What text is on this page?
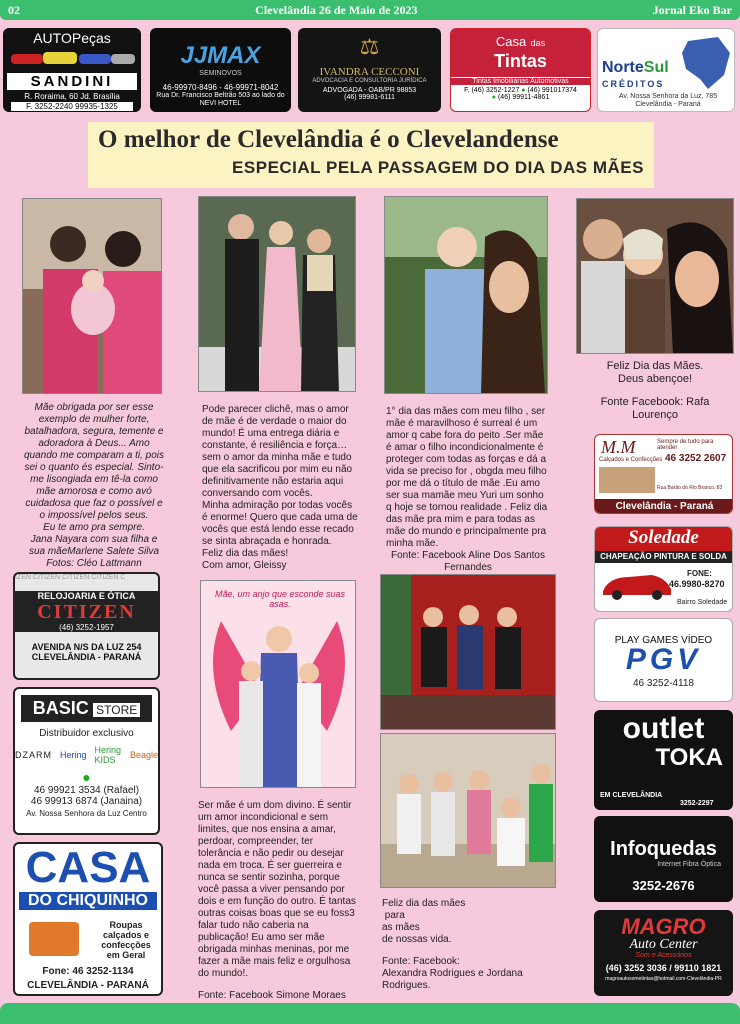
02	Clevelândia 26 de Maio de 2023	Jornal Eko Bar
AUTOPeças
SANDINI
R. Roraima, 60 Jd. Brasília
F. 3252-2240 99935-1325
JJMAX
SEMINOVOS
46-99970-8496 - 46-99971-8042
Rua Dr. Francisco Beltrão 503 ao lado do NEVI HOTEL
⚖
IVANDRA CECCONI
ADVOCACIA E CONSULTORIA JURÍDICA
ADVOGADA - OAB/PR 98853
(46) 99981-6111
Casa das
Tintas
Tintas Imobiliárias Automotivas
F. (46) 3252-1227 ● (46) 991017374
● (46) 99911-4861
NorteSul
CRÉDITOS
Av. Nossa Senhora da Luz, 785 Clevelândia - Paraná
O melhor de Clevelândia é o Clevelandense
ESPECIAL PELA PASSAGEM DO DIA DAS MÃES
Mãe obrigada por ser esse
exemplo de mulher forte,
batalhadora, segura, temente e
adoradora à Deus... Amo
quando me comparam a ti, pois
sei o quanto és especial. Sinto-
me lisongiada em tê-la como
mãe amorosa e como avó
cuidadosa que faz o possível e
o impossível pelos seus.
Eu te amo pra sempre.
Jana Nayara com sua filha e
sua mãeMarlene Salete Silva
Fotos: Cléo Lattmann
Pode parecer clichê, mas o amor
de mãe é de verdade o maior do
mundo! É uma entrega diária e
constante, é resiliência e força…
sem o amor da minha mãe e tudo
que ela sacrificou por mim eu não
definitivamente não estaria aqui
conversando com vocês.
Minha admiração por todas vocês
é enorme! Quero que cada uma de
vocês que está lendo esse recado
se sinta abraçada e honrada.
Feliz dia das mães!
Com amor, Gleissy
1° dia das mães com meu filho , ser
mãe é maravilhoso é surreal é um
amor q cabe fora do peito .Ser mãe
é amar o filho incondicionalmente é
proteger com todas as forças e dá a
vida se preciso for , obgda meu filho
por me dá o título de mãe .Eu amo
ser sua mamãe meu Yuri um sonho
q hoje se tornou realidade . Feliz dia
das mãe pra mim e para todas as
mãe do mundo e principalmente pra
minha mãe.
Fonte: Facebook Aline Dos Santos
Fernandes
Feliz Dia das Mães.
Deus abençoe!
Fonte Facebook: Rafa
Lourenço
M.M
Calçados e Confecções
Sempre de tudo para atender
46 3252 2607
Rua Barão do Rio Branco, 83
Clevelândia - Paraná
Soledade
CHAPEAÇÃO PINTURA E SOLDA
FONE:
46.9980-8270
Bairro Soledade
PLAY GAMES VÍDEO
PGV
46 3252-4118
outlet
TOKA
EM CLEVELÂNDIA
3252-2297
Infoquedas
Internet Fibra Óptica
3252-2676
MAGRO
Auto Center
Som e Acessórios
(46) 3252 3036 / 99110 1821
magroautosometintas@hotmail.com-Clevelândia-PR
IZEN CITIZEN CITIZEN CITIZEN C
RELOJOARIA E ÓTICA
CITIZEN
(46) 3252-1957
AVENIDA N/S DA LUZ 254
CLEVELÂNDIA - PARANÁ
BASIC STORE
Distribuidor exclusivo
DZARM Hering Hering KIDS	Beagle
●
46 99921 3534 (Rafael)
46 99913 6874 (Janaina)
Av. Nossa Senhora da Luz Centro
CASA
DO CHIQUINHO
Roupas
calçados e
confecções
em Geral
Fone: 46 3252-1134
CLEVELÂNDIA - PARANÁ
Mãe, um anjo que esconde suas asas.
Ser mãe é um dom divino. É sentir
um amor incondicional e sem
limites, que nos ensina a amar,
perdoar, compreender, ter
tolerância e não pedir ou desejar
nada em troca. É ser guerreira e
nunca se sentir sozinha, porque
você passa a viver pensando por
dois e em função do outro. É tantas
outras coisas boas que se eu foss3
falar tudo não caberia na
publicação! Eu amo ser mãe
obrigada minhas meninas, por me
fazer a mãe mais feliz e orgulhosa
do mundo!.
Fonte: Facebook Simone Moraes
Feliz dia das mães
para
as mães
de nossas vida.
Fonte: Facebook:
Alexandra Rodrigues e Jordana
Rodrigues.
